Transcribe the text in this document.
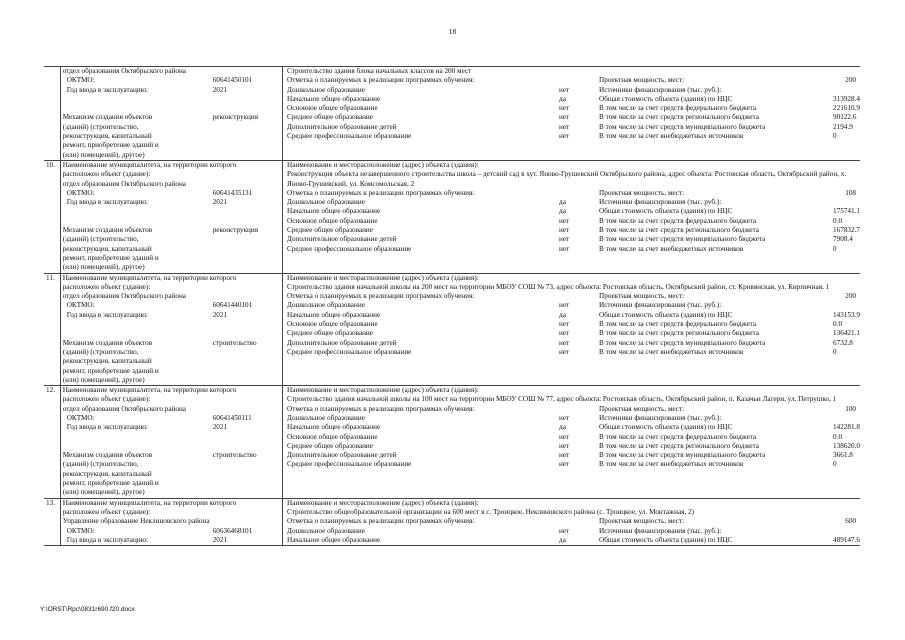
18
отдел образования Октябрьского района
ОКТМО:	60641450101
Год ввода в эксплуатацию:	2021
Механизм создания объектов	реконструкция
(зданий) (строительство,
реконструкция, капитальный
ремонт, приобретение зданий и
(или) помещений), другое)
Строительство здания блока начальных классов на 200 мест
Отметка о планируемых к реализации программах обучения:	Проектная мощность, мест:	200
Дошкольное образование	нет	Источники финансирования (тыс. руб.):
Начальное общее образование	да	Общая стоимость объекта (здания) по НЦС	313928.4
Основное общее образование	нет	В том числе за счет средств федерального бюджета	221610.9
Среднее общее образование	нет	В том числе за счет средств регионального бюджета	90122.6
Дополнительное образование детей	нет	В том числе за счет средств муниципального бюджета	2194.9
Среднее профессиональное образование	нет	В том числе за счет внебюджетных источников	0
10.	Наименование муниципалитета, на территории которого
расположен объект (здание):
отдел образования Октябрьского района
ОКТМО:	60641435131
Год ввода в эксплуатацию:	2021
Механизм создания объектов	реконструкция
(зданий) (строительство,
реконструкция, капитальный
ремонт, приобретение зданий и
(или) помещений), другое)
Наименование и месторасположение (адрес) объекта (здания):
Реконструкция объекта незавершенного строительства школа – детский сад в хут. Яново-Грушевский Октябрьского района, адрес объекта: Ростовская область, Октябрьский район, х. Яново-Грушевский, ул. Комсомольская, 2
Отметка о планируемых к реализации программах обучения:	Проектная мощность, мест:	108
Дошкольное образование	да	Источники финансирования (тыс. руб.):
Начальное общее образование	да	Общая стоимость объекта (здания) по НЦС	175741.1
Основное общее образование	нет	В том числе за счет средств федерального бюджета	0.0
Среднее общее образование	нет	В том числе за счет средств регионального бюджета	167832.7
Дополнительное образование детей	нет	В том числе за счет средств муниципального бюджета	7908.4
Среднее профессиональное образование	нет	В том числе за счет внебюджетных источников	0
11.	Наименование муниципалитета, на территории которого
расположен объект (здание):
отдел образования Октябрьского района
ОКТМО:	60641440101
Год ввода в эксплуатацию:	2021
Механизм создания объектов	строительство
(зданий) (строительство,
реконструкция, капитальный
ремонт, приобретение зданий и
(или) помещений), другое)
Наименование и месторасположение (адрес) объекта (здания):
Строительство здания начальной школы на 200 мест на территории МБОУ СОШ № 73, адрес объекта: Ростовская область, Октябрьский район, ст. Кривянская, ул. Кирпичная, 1
Отметка о планируемых к реализации программах обучения:	Проектная мощность, мест:	200
Дошкольное образование	нет	Источники финансирования (тыс. руб.):
Начальное общее образование	да	Общая стоимость объекта (здания) по НЦС	143153.9
Основное общее образование	нет	В том числе за счет средств федерального бюджета	0.0
Среднее общее образование	нет	В том числе за счет средств регионального бюджета	136421.1
Дополнительное образование детей	нет	В том числе за счет средств муниципального бюджета	6732.8
Среднее профессиональное образование	нет	В том числе за счет внебюджетных источников	0
12.	Наименование муниципалитета, на территории которого
расположен объект (здание):
отдел образования Октябрьского района
ОКТМО:	60641450111
Год ввода в эксплуатацию:	2021
Механизм создания объектов	строительство
(зданий) (строительство,
реконструкция, капитальный
ремонт, приобретение зданий и
(или) помещений), другое)
Наименование и месторасположение (адрес) объекта (здания):
Строительство здания начальной школы на 100 мест на территории МБОУ СОШ № 77, адрес объекта: Ростовская область, Октябрьский район, п. Казачьи Лагери, ул. Петрушко, 1
Отметка о планируемых к реализации программах обучения:	Проектная мощность, мест:	100
Дошкольное образование	нет	Источники финансирования (тыс. руб.):
Начальное общее образование	да	Общая стоимость объекта (здания) по НЦС	142281.8
Основное общее образование	нет	В том числе за счет средств федерального бюджета	0.0
Среднее общее образование	нет	В том числе за счет средств регионального бюджета	138620.0
Дополнительное образование детей	нет	В том числе за счет средств муниципального бюджета	3661.8
Среднее профессиональное образование	нет	В том числе за счет внебюджетных источников	0
13.	Наименование муниципалитета, на территории которого
расположен объект (здание):
Управление образование Неклиновского района
ОКТМО:	60636468101
Год ввода в эксплуатацию:	2021
Наименование и месторасположение (адрес) объекта (здания):
Строительство общеобразовательной организации на 600 мест в с. Троицкое, Неклиновского района (с. Троицкое, ул. Монтажная, 2)
Отметка о планируемых к реализации программах обучения:	Проектная мощность, мест:	600
Дошкольное образование	нет	Источники финансирования (тыс. руб.):
Начальное общее образование	да	Общая стоимость объекта (здания) по НЦС	489147.6
Y:\ORST\Rpc\0831r690.f20.docx
